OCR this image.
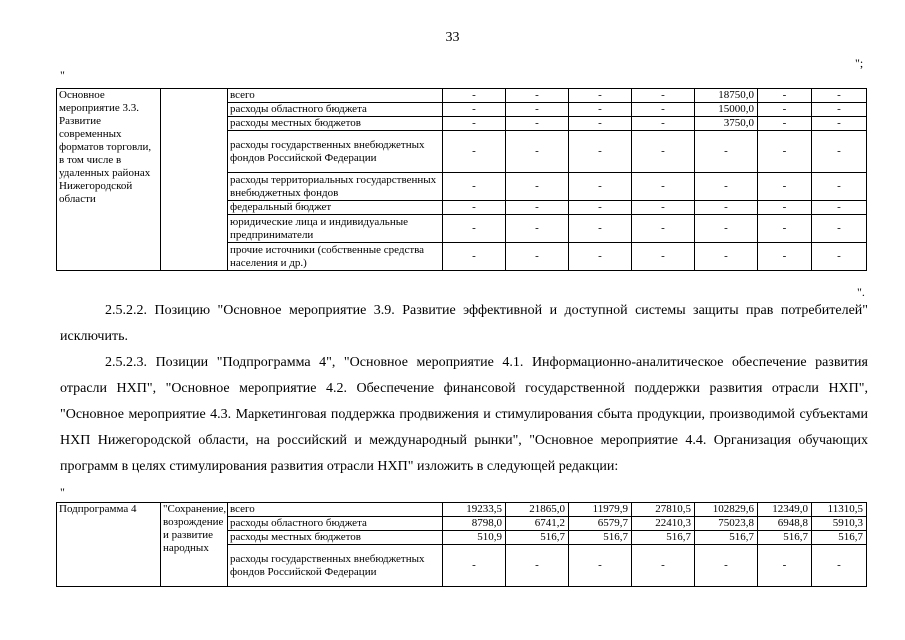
33
";
"
Основное мероприятие 3.3. Развитие современных форматов торговли, в том числе в удаленных районах Нижегородской области		всего	-	-	-	-	18750,0	-	-
		расходы областного бюджета	-	-	-	-	15000,0	-	-
		расходы местных бюджетов	-	-	-	-	3750,0	-	-
		расходы государственных внебюджетных фондов Российской Федерации	-	-	-	-	-	-	-
		расходы территориальных государственных внебюджетных фондов	-	-	-	-	-	-	-
		федеральный бюджет	-	-	-	-	-	-	-
		юридические лица и индивидуальные предприниматели	-	-	-	-	-	-	-
		прочие источники (собственные средства населения и др.)	-	-	-	-	-	-	-
".
2.5.2.2. Позицию "Основное мероприятие 3.9. Развитие эффективной и доступной системы защиты прав потребителей" исключить.
2.5.2.3. Позиции "Подпрограмма 4", "Основное мероприятие 4.1. Информационно-аналитическое обеспечение развития отрасли НХП", "Основное мероприятие 4.2. Обеспечение финансовой государственной поддержки развития отрасли НХП", "Основное мероприятие 4.3. Маркетинговая поддержка продвижения и стимулирования сбыта продукции, производимой субъектами НХП Нижегородской области, на российский и международный рынки", "Основное мероприятие 4.4. Организация обучающих программ в целях стимулирования развития отрасли НХП" изложить в следующей редакции:
"
Подпрограмма 4	"Сохранение, возрождение и развитие народных	всего	19233,5	21865,0	11979,9	27810,5	102829,6	12349,0	11310,5
		расходы областного бюджета	8798,0	6741,2	6579,7	22410,3	75023,8	6948,8	5910,3
		расходы местных бюджетов	510,9	516,7	516,7	516,7	516,7	516,7	516,7
		расходы государственных внебюджетных фондов Российской Федерации	-	-	-	-	-	-	-
